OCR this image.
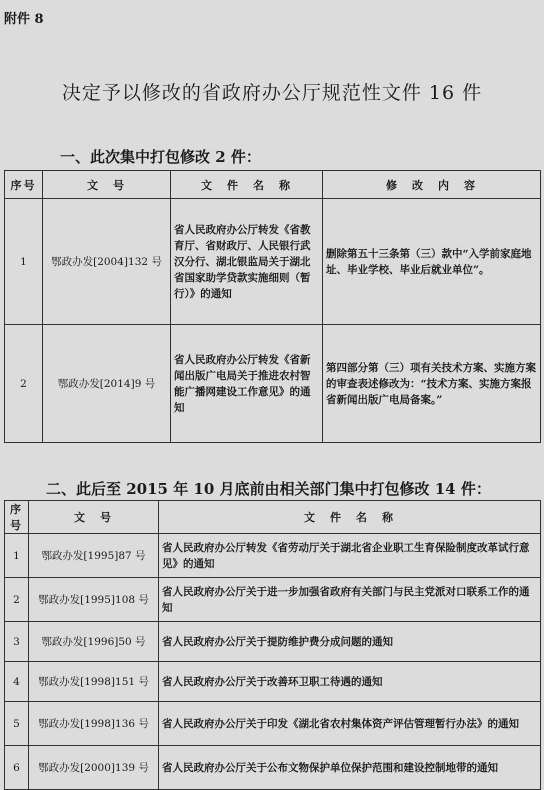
附件 8
决定予以修改的省政府办公厅规范性文件 16 件
一、此次集中打包修改 2 件：
序号	文　号	文　件　名　称	修　改　内　容
1	鄂政办发[2004]132 号	省人民政府办公厅转发《省教育厅、省财政厅、人民银行武汉分行、湖北银监局关于湖北省国家助学贷款实施细则（暂行）》的通知	删除第五十三条第（三）款中“入学前家庭地址、毕业学校、毕业后就业单位”。
2	鄂政办发[2014]9 号	省人民政府办公厅转发《省新闻出版广电局关于推进农村智能广播网建设工作意见》的通知	第四部分第（三）项有关技术方案、实施方案的审查表述修改为：“技术方案、实施方案报省新闻出版广电局备案。”
二、此后至 2015 年 10 月底前由相关部门集中打包修改 14 件：
序号	文　号	文　件　名　称
1	鄂政办发[1995]87 号	省人民政府办公厅转发《省劳动厅关于湖北省企业职工生育保险制度改革试行意见》的通知
2	鄂政办发[1995]108 号	省人民政府办公厅关于进一步加强省政府有关部门与民主党派对口联系工作的通知
3	鄂政办发[1996]50 号	省人民政府办公厅关于提防维护费分成问题的通知
4	鄂政办发[1998]151 号	省人民政府办公厅关于改善环卫职工待遇的通知
5	鄂政办发[1998]136 号	省人民政府办公厅关于印发《湖北省农村集体资产评估管理暂行办法》的通知
6	鄂政办发[2000]139 号	省人民政府办公厅关于公布文物保护单位保护范围和建设控制地带的通知
